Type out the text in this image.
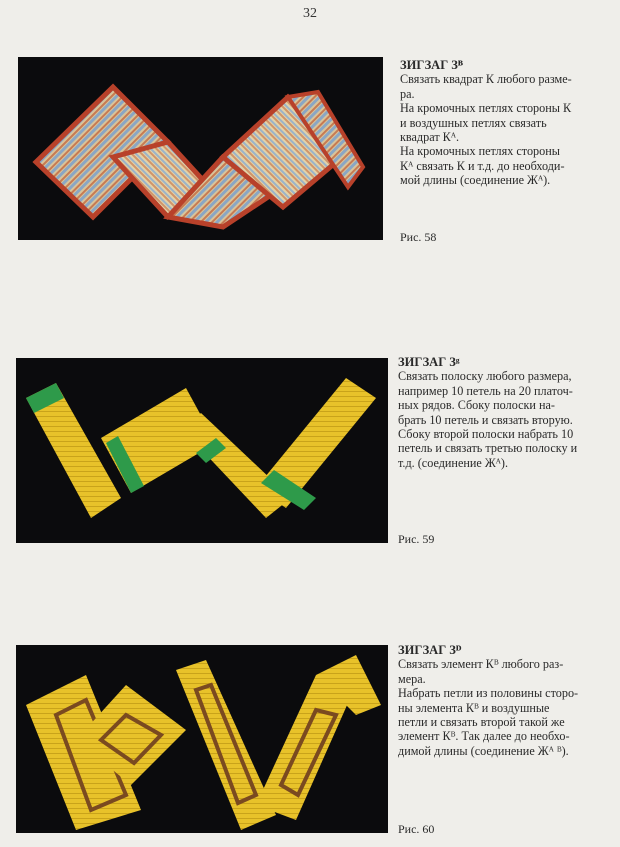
32
ЗИГЗАГ Зᴮ
Связать квадрат К любого разме-
ра.
На кромочных петлях стороны К
и воздушных петлях связать
квадрат Кᴬ.
На кромочных петлях стороны
Кᴬ связать К и т.д. до необходи-
мой длины (соединение Жᴬ).
Рис. 58
ЗИГЗАГ Зᵍ
Связать полоску любого размера,
например 10 петель на 20 платоч-
ных рядов. Сбоку полоски на-
брать 10 петель и связать вторую.
Сбоку второй полоски набрать 10
петель и связать третью полоску и
т.д. (соединение Жᴬ).
Рис. 59
ЗИГЗАГ Зᴰ
Связать элемент Кᴮ любого раз-
мера.
Набрать петли из половины сторо-
ны элемента Кᴮ и воздушные
петли и связать второй такой же
элемент Кᴮ. Так далее до необхо-
димой длины (соединение Жᴬ ᴮ).
Рис. 60
